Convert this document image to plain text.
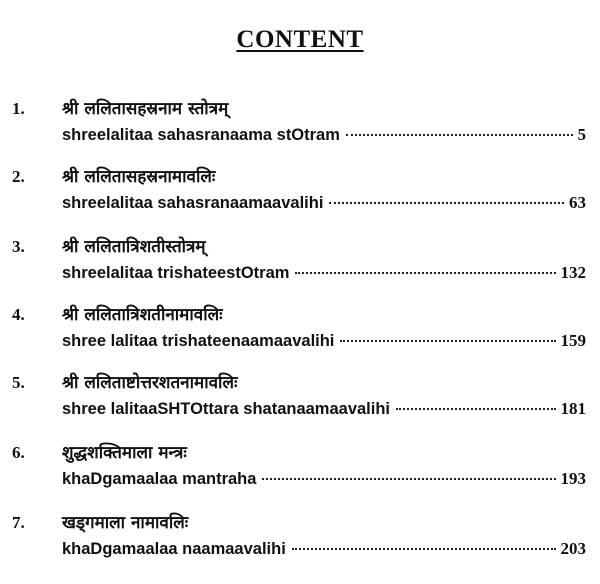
CONTENT
1. श्री ललितासहस्रनाम स्तोत्रम्
shreelalitaa sahasranaama stOtram	5
2. श्री ललितासहस्रनामावलिः
shreelalitaa sahasranaamaavalihi	63
3. श्री ललितात्रिशतीस्तोत्रम्
shreelalitaa trishateestOtram	132
4. श्री ललितात्रिशतीनामावलिः
shree lalitaa trishateenaamaavalihi	159
5. श्री ललिताष्टोत्तरशतनामावलिः
shree lalitaaSHTOttara shatanaamaavalihi	181
6. शुद्धशक्तिमाला मन्त्रः
khaDgamaalaa mantraha	193
7. खड्गमाला नामावलिः
khaDgamaalaa naamaavalihi	203
